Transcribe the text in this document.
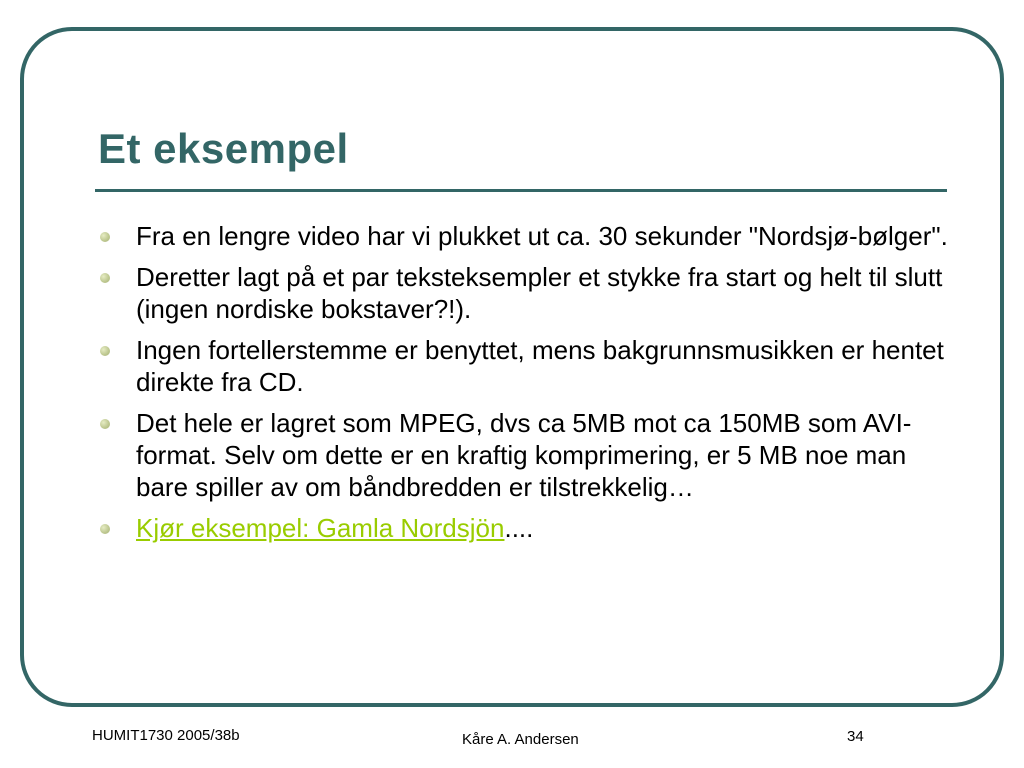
Et eksempel
Fra en lengre video har vi plukket ut ca. 30 sekunder "Nordsjø-bølger".
Deretter lagt på et par teksteksempler et stykke fra start og helt til slutt (ingen nordiske bokstaver?!).
Ingen fortellerstemme er benyttet, mens bakgrunnsmusikken er hentet direkte fra CD.
Det hele er lagret som MPEG, dvs ca 5MB mot ca 150MB som AVI-format. Selv om dette er en kraftig komprimering, er 5 MB noe man bare spiller av om båndbredden er tilstrekkelig…
Kjør eksempel: Gamla Nordsjön....
HUMIT1730 2005/38b	Kåre A. Andersen	34
